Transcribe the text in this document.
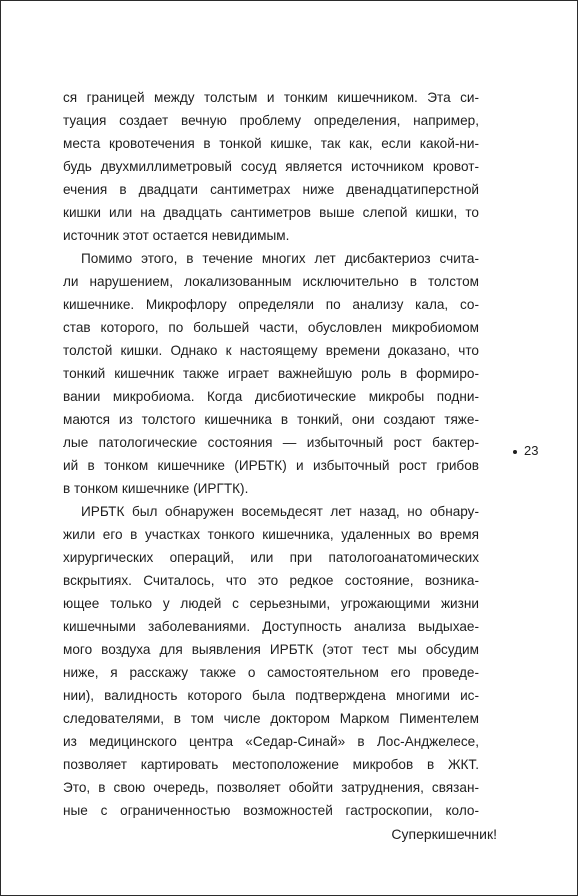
ся границей между толстым и тонким кишечником. Эта си-
туация создает вечную проблему определения, например,
места кровотечения в тонкой кишке, так как, если какой-ни-
будь двухмиллиметровый сосуд является источником кровот-
ечения в двадцати сантиметрах ниже двенадцатиперстной
кишки или на двадцать сантиметров выше слепой кишки, то
источник этот остается невидимым.
Помимо этого, в течение многих лет дисбактериоз счита-
ли нарушением, локализованным исключительно в толстом
кишечнике. Микрофлору определяли по анализу кала, со-
став которого, по большей части, обусловлен микробиомом
толстой кишки. Однако к настоящему времени доказано, что
тонкий кишечник также играет важнейшую роль в формиро-
вании микробиома. Когда дисбиотические микробы подни-
маются из толстого кишечника в тонкий, они создают тяже-
лые патологические состояния — избыточный рост бактер-
ий в тонком кишечнике (ИРБТК) и избыточный рост грибов
в тонком кишечнике (ИРГТК).
ИРБТК был обнаружен восемьдесят лет назад, но обнару-
жили его в участках тонкого кишечника, удаленных во время
хирургических операций, или при патологоанатомических
вскрытиях. Считалось, что это редкое состояние, возника-
ющее только у людей с серьезными, угрожающими жизни
кишечными заболеваниями. Доступность анализа выдыхае-
мого воздуха для выявления ИРБТК (этот тест мы обсудим
ниже, я расскажу также о самостоятельном его проведе-
нии), валидность которого была подтверждена многими ис-
следователями, в том числе доктором Марком Пиментелем
из медицинского центра «Седар-Синай» в Лос-Анджелесе,
позволяет картировать местоположение микробов в ЖКТ.
Это, в свою очередь, позволяет обойти затруднения, связан-
ные с ограниченностью возможностей гастроскопии, коло-
23
Суперкишечник!
